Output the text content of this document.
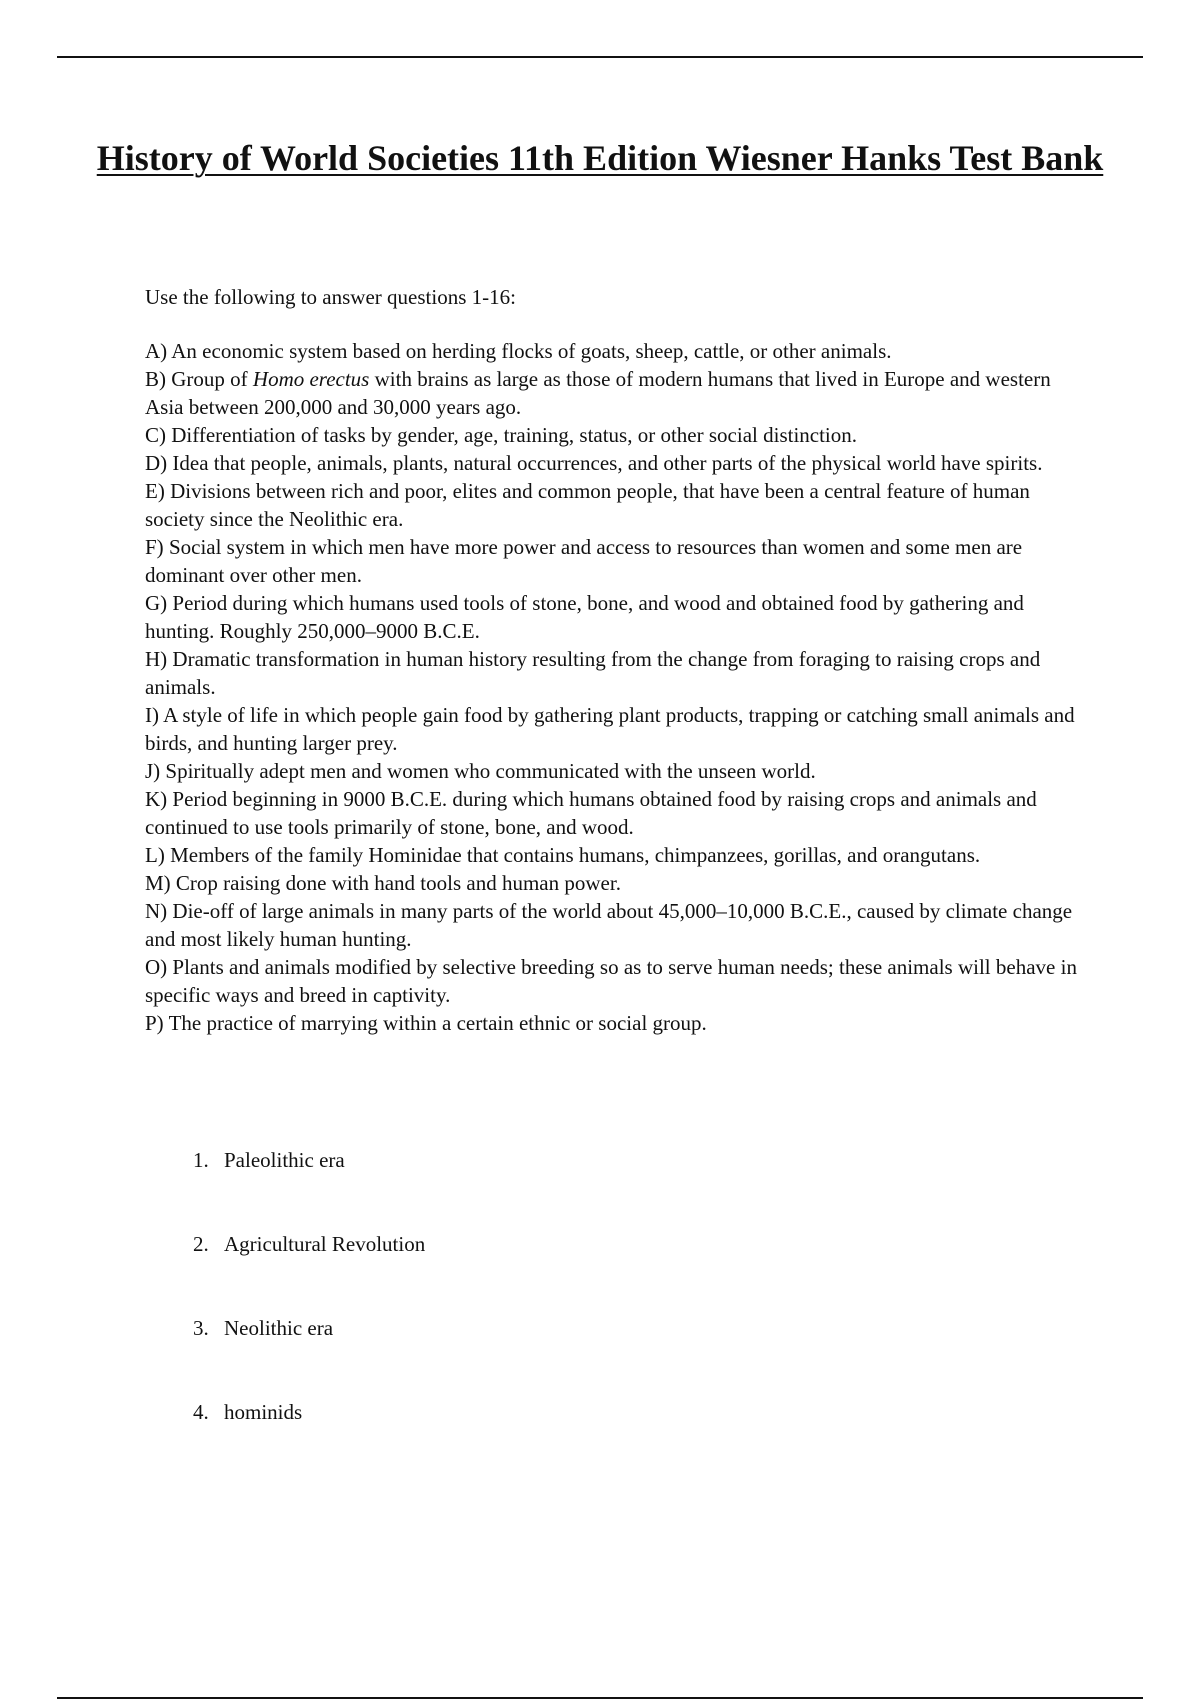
History of World Societies 11th Edition Wiesner Hanks Test Bank

Use the following to answer questions 1-16:

A) An economic system based on herding flocks of goats, sheep, cattle, or other animals.
B) Group of Homo erectus with brains as large as those of modern humans that lived in Europe and western Asia between 200,000 and 30,000 years ago.
C) Differentiation of tasks by gender, age, training, status, or other social distinction.
D) Idea that people, animals, plants, natural occurrences, and other parts of the physical world have spirits.
E) Divisions between rich and poor, elites and common people, that have been a central feature of human society since the Neolithic era.
F) Social system in which men have more power and access to resources than women and some men are dominant over other men.
G) Period during which humans used tools of stone, bone, and wood and obtained food by gathering and hunting. Roughly 250,000–9000 B.C.E.
H) Dramatic transformation in human history resulting from the change from foraging to raising crops and animals.
I) A style of life in which people gain food by gathering plant products, trapping or catching small animals and birds, and hunting larger prey.
J) Spiritually adept men and women who communicated with the unseen world.
K) Period beginning in 9000 B.C.E. during which humans obtained food by raising crops and animals and continued to use tools primarily of stone, bone, and wood.
L) Members of the family Hominidae that contains humans, chimpanzees, gorillas, and orangutans.
M) Crop raising done with hand tools and human power.
N) Die-off of large animals in many parts of the world about 45,000–10,000 B.C.E., caused by climate change and most likely human hunting.
O) Plants and animals modified by selective breeding so as to serve human needs; these animals will behave in specific ways and breed in captivity.
P) The practice of marrying within a certain ethnic or social group.
1. Paleolithic era
2. Agricultural Revolution
3. Neolithic era
4. hominids
